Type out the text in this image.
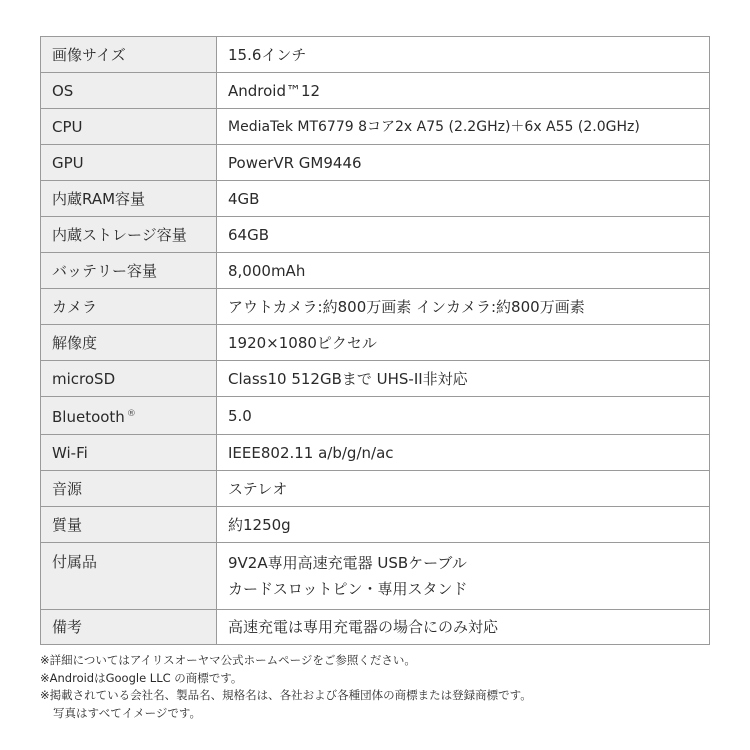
画像サイズ	15.6インチ
OS	Android™12
CPU	MediaTek MT6779 8コア2x A75 (2.2GHz)＋6x A55 (2.0GHz)
GPU	PowerVR GM9446
内蔵RAM容量	4GB
内蔵ストレージ容量	64GB
バッテリー容量	8,000mAh
カメラ	アウトカメラ:約800万画素 インカメラ:約800万画素
解像度	1920×1080ピクセル
microSD	Class10 512GBまで UHS-II非対応
Bluetooth ®	5.0
Wi-Fi	IEEE802.11 a/b/g/n/ac
音源	ステレオ
質量	約1250g
付属品	9V2A専用高速充電器 USBケーブル
カードスロットピン・専用スタンド

備考	高速充電は専用充電器の場合にのみ対応
※詳細についてはアイリスオーヤマ公式ホームページをご参照ください。
※AndroidはGoogle LLC の商標です。
※掲載されている会社名、製品名、規格名は、各社および各種団体の商標または登録商標です。
写真はすべてイメージです。
